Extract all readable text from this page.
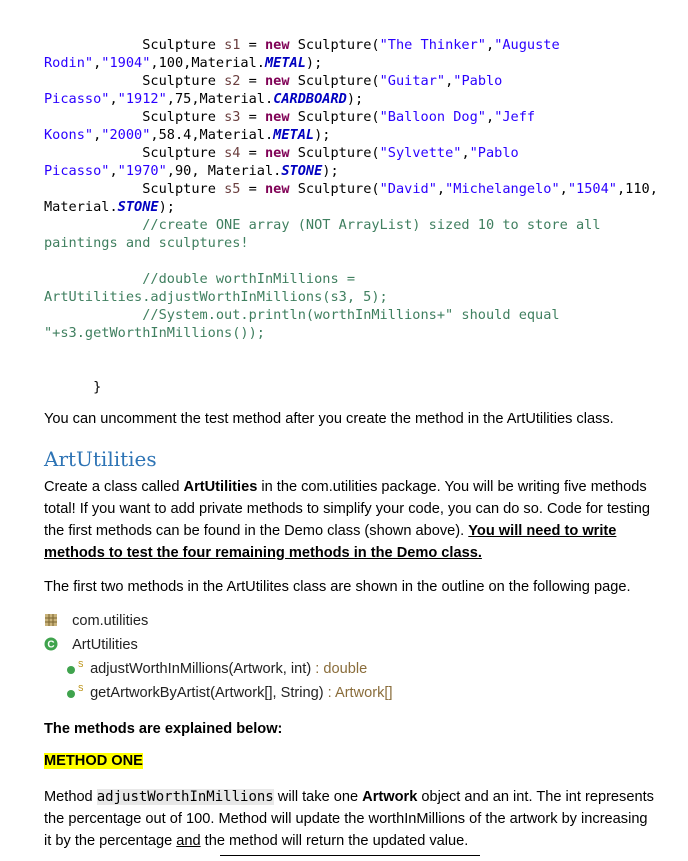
Sculpture s1 = new Sculpture("The Thinker","Auguste
Rodin","1904",100,Material.METAL);
Sculpture s2 = new Sculpture("Guitar","Pablo
Picasso","1912",75,Material.CARDBOARD);
Sculpture s3 = new Sculpture("Balloon Dog","Jeff
Koons","2000",58.4,Material.METAL);
Sculpture s4 = new Sculpture("Sylvette","Pablo
Picasso","1970",90, Material.STONE);
Sculpture s5 = new Sculpture("David","Michelangelo","1504",110,
Material.STONE);
//create ONE array (NOT ArrayList) sized 10 to store all
paintings and sculptures!

//double worthInMillions =
ArtUtilities.adjustWorthInMillions(s3, 5);
//System.out.println(worthInMillions+" should equal
"+s3.getWorthInMillions());

}
You can uncomment the test method after you create the method in the ArtUtilities class.
ArtUtilities
Create a class called ArtUtilities in the com.utilities package. You will be writing five methods total! If you want to add private methods to simplify your code, you can do so. Code for testing the first methods can be found in the Demo class (shown above). You will need to write methods to test the four remaining methods in the Demo class.
The first two methods in the ArtUtilites class are shown in the outline on the following page.
com.utilities
C ArtUtilities
S adjustWorthInMillions(Artwork, int) : double
S getArtworkByArtist(Artwork[], String) : Artwork[]
The methods are explained below:
METHOD ONE
Method adjustWorthInMillions will take one Artwork object and an int. The int represents the percentage out of 100. Method will update the worthInMillions of the artwork by increasing it by the percentage and the method will return the updated value.
